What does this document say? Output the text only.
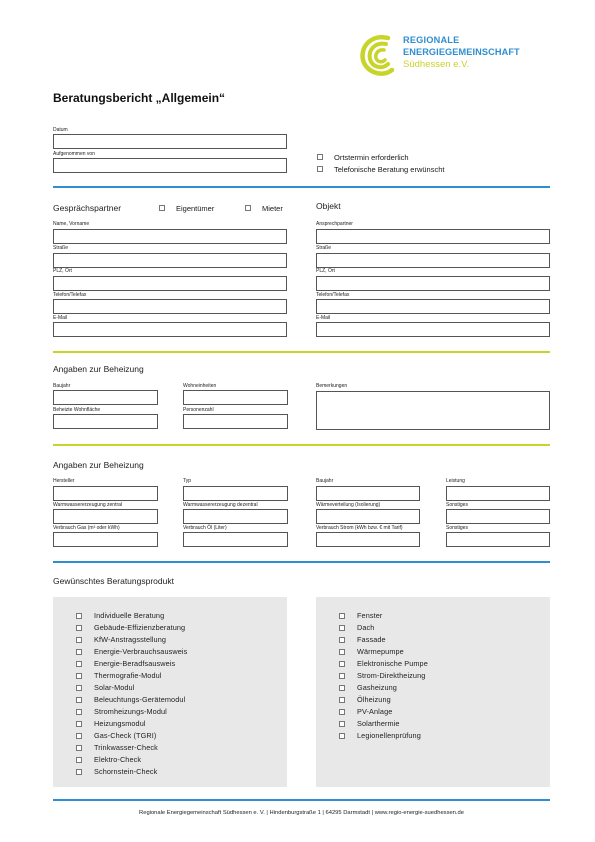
REGIONALE
ENERGIEGEMEINSCHAFT
Südhessen e.V.
Beratungsbericht „Allgemein“
Datum
Aufgenommen von	Ortstermin erforderlich
Telefonische Beratung erwünscht
Gesprächspartner	Eigentümer	Mieter	Objekt
Name, Vorname
Straße
PLZ, Ort
Telefon/Telefax
E-Mail
Ansprechpartner
Straße
PLZ, Ort
Telefon/Telefax
E-Mail
Angaben zur Beheizung
Baujahr	Wohneinheiten	Bemerkungen
Beheizte Wohnfläche	Personenzahl
Angaben zur Beheizung
Hersteller	Typ	Baujahr	Leistung
Warmwassererzeugung zentral	Warmwassererzeugung dezentral	Wärmeverteilung (Isolierung)	Sonstiges
Verbrauch Gas (m³ oder kWh)	Verbrauch Öl (Liter)	Verbrauch Strom (kWh bzw. € mit Tarif)	Sonstiges
Gewünschtes Beratungsprodukt
Individuelle Beratung
Gebäude-Effizienzberatung
KfW-Anstragsstellung
Energie-Verbrauchsausweis
Energie-Beradfsausweis
Thermografie-Modul
Solar-Modul
Beleuchtungs-Gerätemodul
Stromheizungs-Modul
Heizungsmodul
Gas-Check (TGRI)
Trinkwasser-Check
Elektro-Check
Schornstein-Check
Fenster
Dach
Fassade
Wärmepumpe
Elektronische Pumpe
Strom-Direktheizung
Gasheizung
Ölheizung
PV-Anlage
Solarthermie
Legionellenprüfung
Regionale Energiegemeinschaft Südhessen e. V. | Hindenburgstraße 1 | 64295 Darmstadt | www.regio-energie-suedhessen.de
